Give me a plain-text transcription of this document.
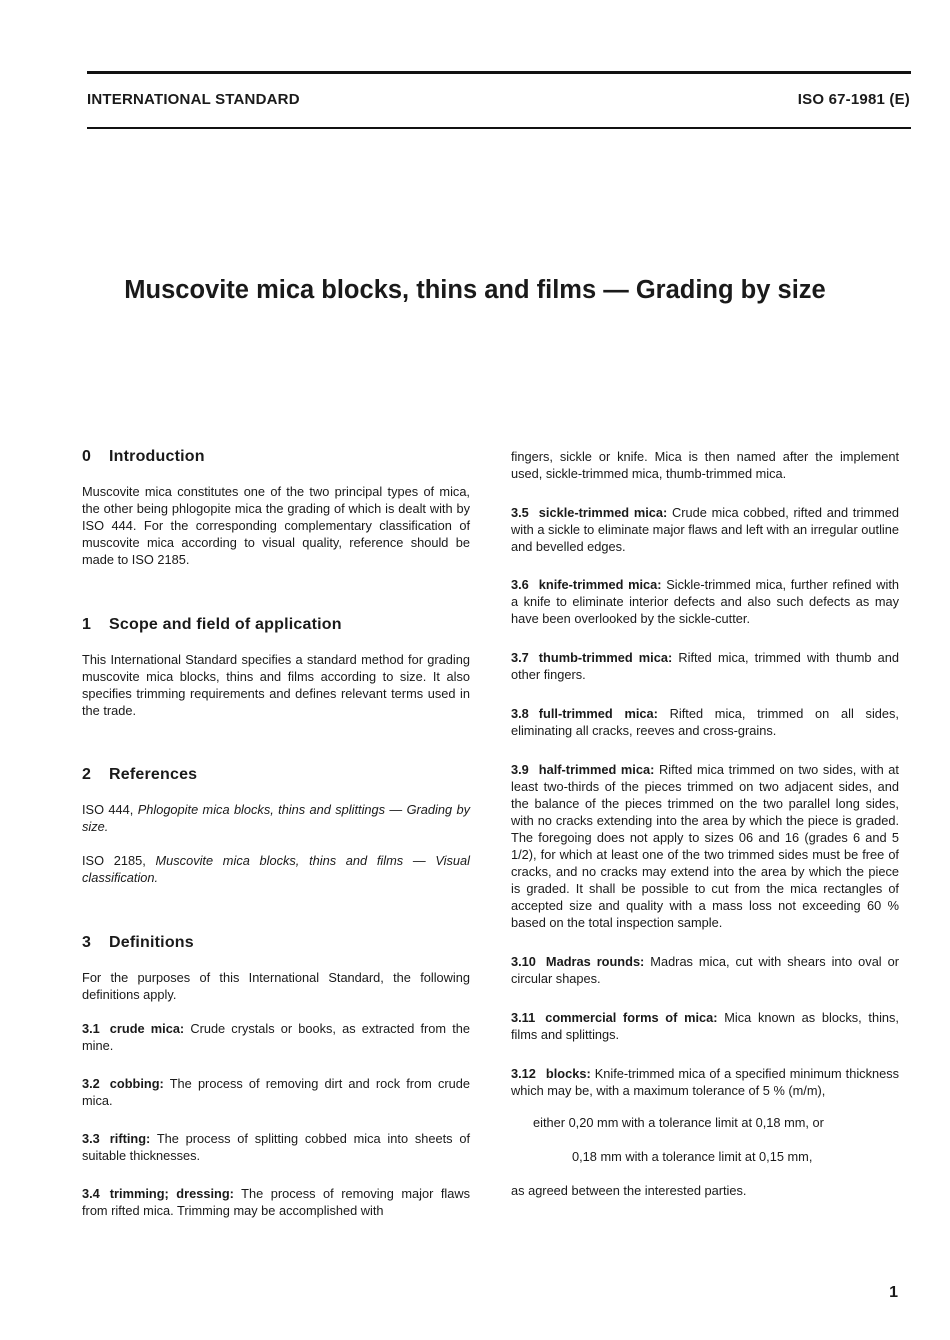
INTERNATIONAL STANDARD	ISO 67-1981 (E)
Muscovite mica blocks, thins and films — Grading by size
0 Introduction

Muscovite mica constitutes one of the two principal types of mica, the other being phlogopite mica the grading of which is dealt with by ISO 444. For the corresponding complementary classification of muscovite mica according to visual quality, reference should be made to ISO 2185.

1 Scope and field of application

This International Standard specifies a standard method for grading muscovite mica blocks, thins and films according to size. It also specifies trimming requirements and defines relevant terms used in the trade.

2 References

ISO 444, Phlogopite mica blocks, thins and splittings — Grading by size.

ISO 2185, Muscovite mica blocks, thins and films — Visual classification.

3 Definitions

For the purposes of this International Standard, the following definitions apply.

3.1 crude mica: Crude crystals or books, as extracted from the mine.

3.2 cobbing: The process of removing dirt and rock from crude mica.

3.3 rifting: The process of splitting cobbed mica into sheets of suitable thicknesses.

3.4 trimming; dressing: The process of removing major flaws from rifted mica. Trimming may be accomplished with

fingers, sickle or knife. Mica is then named after the implement used, sickle-trimmed mica, thumb-trimmed mica.

3.5 sickle-trimmed mica: Crude mica cobbed, rifted and trimmed with a sickle to eliminate major flaws and left with an irregular outline and bevelled edges.

3.6 knife-trimmed mica: Sickle-trimmed mica, further refined with a knife to eliminate interior defects and also such defects as may have been overlooked by the sickle-cutter.

3.7 thumb-trimmed mica: Rifted mica, trimmed with thumb and other fingers.

3.8 full-trimmed mica: Rifted mica, trimmed on all sides, eliminating all cracks, reeves and cross-grains.

3.9 half-trimmed mica: Rifted mica trimmed on two sides, with at least two-thirds of the pieces trimmed on two adjacent sides, and the balance of the pieces trimmed on the two parallel long sides, with no cracks extending into the area by which the piece is graded. The foregoing does not apply to sizes 06 and 16 (grades 6 and 5 1/2), for which at least one of the two trimmed sides must be free of cracks, and no cracks may extend into the area by which the piece is graded. It shall be possible to cut from the mica rectangles of accepted size and quality with a mass loss not exceeding 60 % based on the total inspection sample.

3.10 Madras rounds: Madras mica, cut with shears into oval or circular shapes.

3.11 commercial forms of mica: Mica known as blocks, thins, films and splittings.

3.12 blocks: Knife-trimmed mica of a specified minimum thickness which may be, with a maximum tolerance of 5 % (m/m),

either 0,20 mm with a tolerance limit at 0,18 mm, or

0,18 mm with a tolerance limit at 0,15 mm,

as agreed between the interested parties.

1
